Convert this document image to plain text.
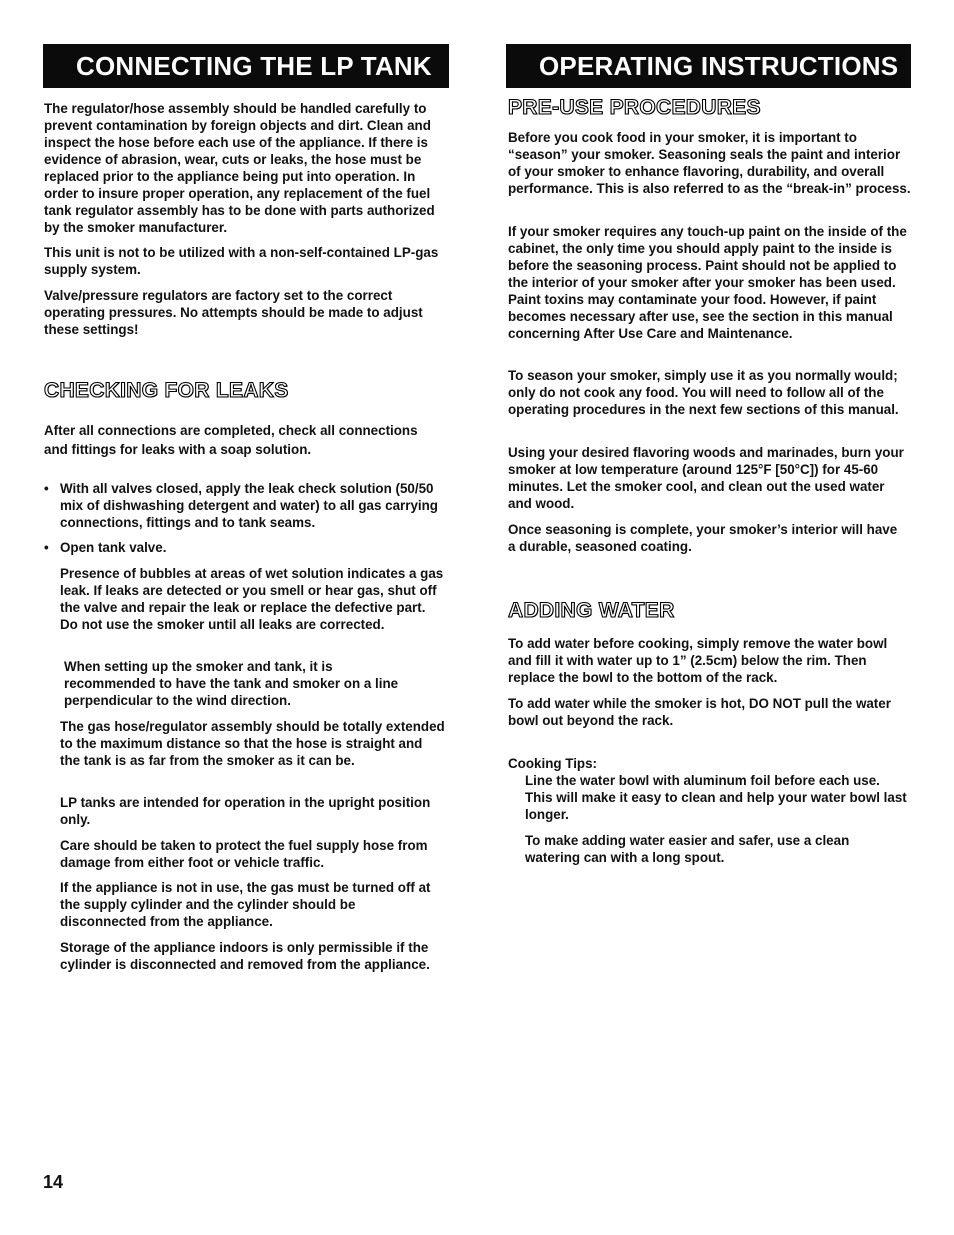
CONNECTING THE LP TANK	OPERATING INSTRUCTIONS

The regulator/hose assembly should be handled carefully to prevent contamination by foreign objects and dirt. Clean and inspect the hose before each use of the appliance. If there is evidence of abrasion, wear, cuts or leaks, the hose must be replaced prior to the appliance being put into operation. In order to insure proper operation, any replacement of the fuel tank regulator assembly has to be done with parts authorized by the smoker manufacturer.

This unit is not to be utilized with a non-self-contained LP-gas supply system.

Valve/pressure regulators are factory set to the correct operating pressures. No attempts should be made to adjust these settings!

CHECKING FOR LEAKS

After all connections are completed, check all connections and fittings for leaks with a soap solution.

• With all valves closed, apply the leak check solution (50/50 mix of dishwashing detergent and water) to all gas carrying connections, fittings and to tank seams.

• Open tank valve.

Presence of bubbles at areas of wet solution indicates a gas leak. If leaks are detected or you smell or hear gas, shut off the valve and repair the leak or replace the defective part. Do not use the smoker until all leaks are corrected.

When setting up the smoker and tank, it is recommended to have the tank and smoker on a line perpendicular to the wind direction.

The gas hose/regulator assembly should be totally extended to the maximum distance so that the hose is straight and the tank is as far from the smoker as it can be.

LP tanks are intended for operation in the upright position only.

Care should be taken to protect the fuel supply hose from damage from either foot or vehicle traffic.

If the appliance is not in use, the gas must be turned off at the supply cylinder and the cylinder should be disconnected from the appliance.

Storage of the appliance indoors is only permissible if the cylinder is disconnected and removed from the appliance.

PRE-USE PROCEDURES

Before you cook food in your smoker, it is important to “season” your smoker. Seasoning seals the paint and interior of your smoker to enhance flavoring, durability, and overall performance. This is also referred to as the “break-in” process.

If your smoker requires any touch-up paint on the inside of the cabinet, the only time you should apply paint to the inside is before the seasoning process. Paint should not be applied to the interior of your smoker after your smoker has been used. Paint toxins may contaminate your food. However, if paint becomes necessary after use, see the section in this manual concerning After Use Care and Maintenance.

To season your smoker, simply use it as you normally would; only do not cook any food. You will need to follow all of the operating procedures in the next few sections of this manual.

Using your desired flavoring woods and marinades, burn your smoker at low temperature (around 125°F [50°C]) for 45-60 minutes. Let the smoker cool, and clean out the used water and wood.

Once seasoning is complete, your smoker’s interior will have a durable, seasoned coating.

ADDING WATER

To add water before cooking, simply remove the water bowl and fill it with water up to 1” (2.5cm) below the rim. Then replace the bowl to the bottom of the rack.

To add water while the smoker is hot, DO NOT pull the water bowl out beyond the rack.

Cooking Tips:

Line the water bowl with aluminum foil before each use. This will make it easy to clean and help your water bowl last longer.

To make adding water easier and safer, use a clean watering can with a long spout.

14
